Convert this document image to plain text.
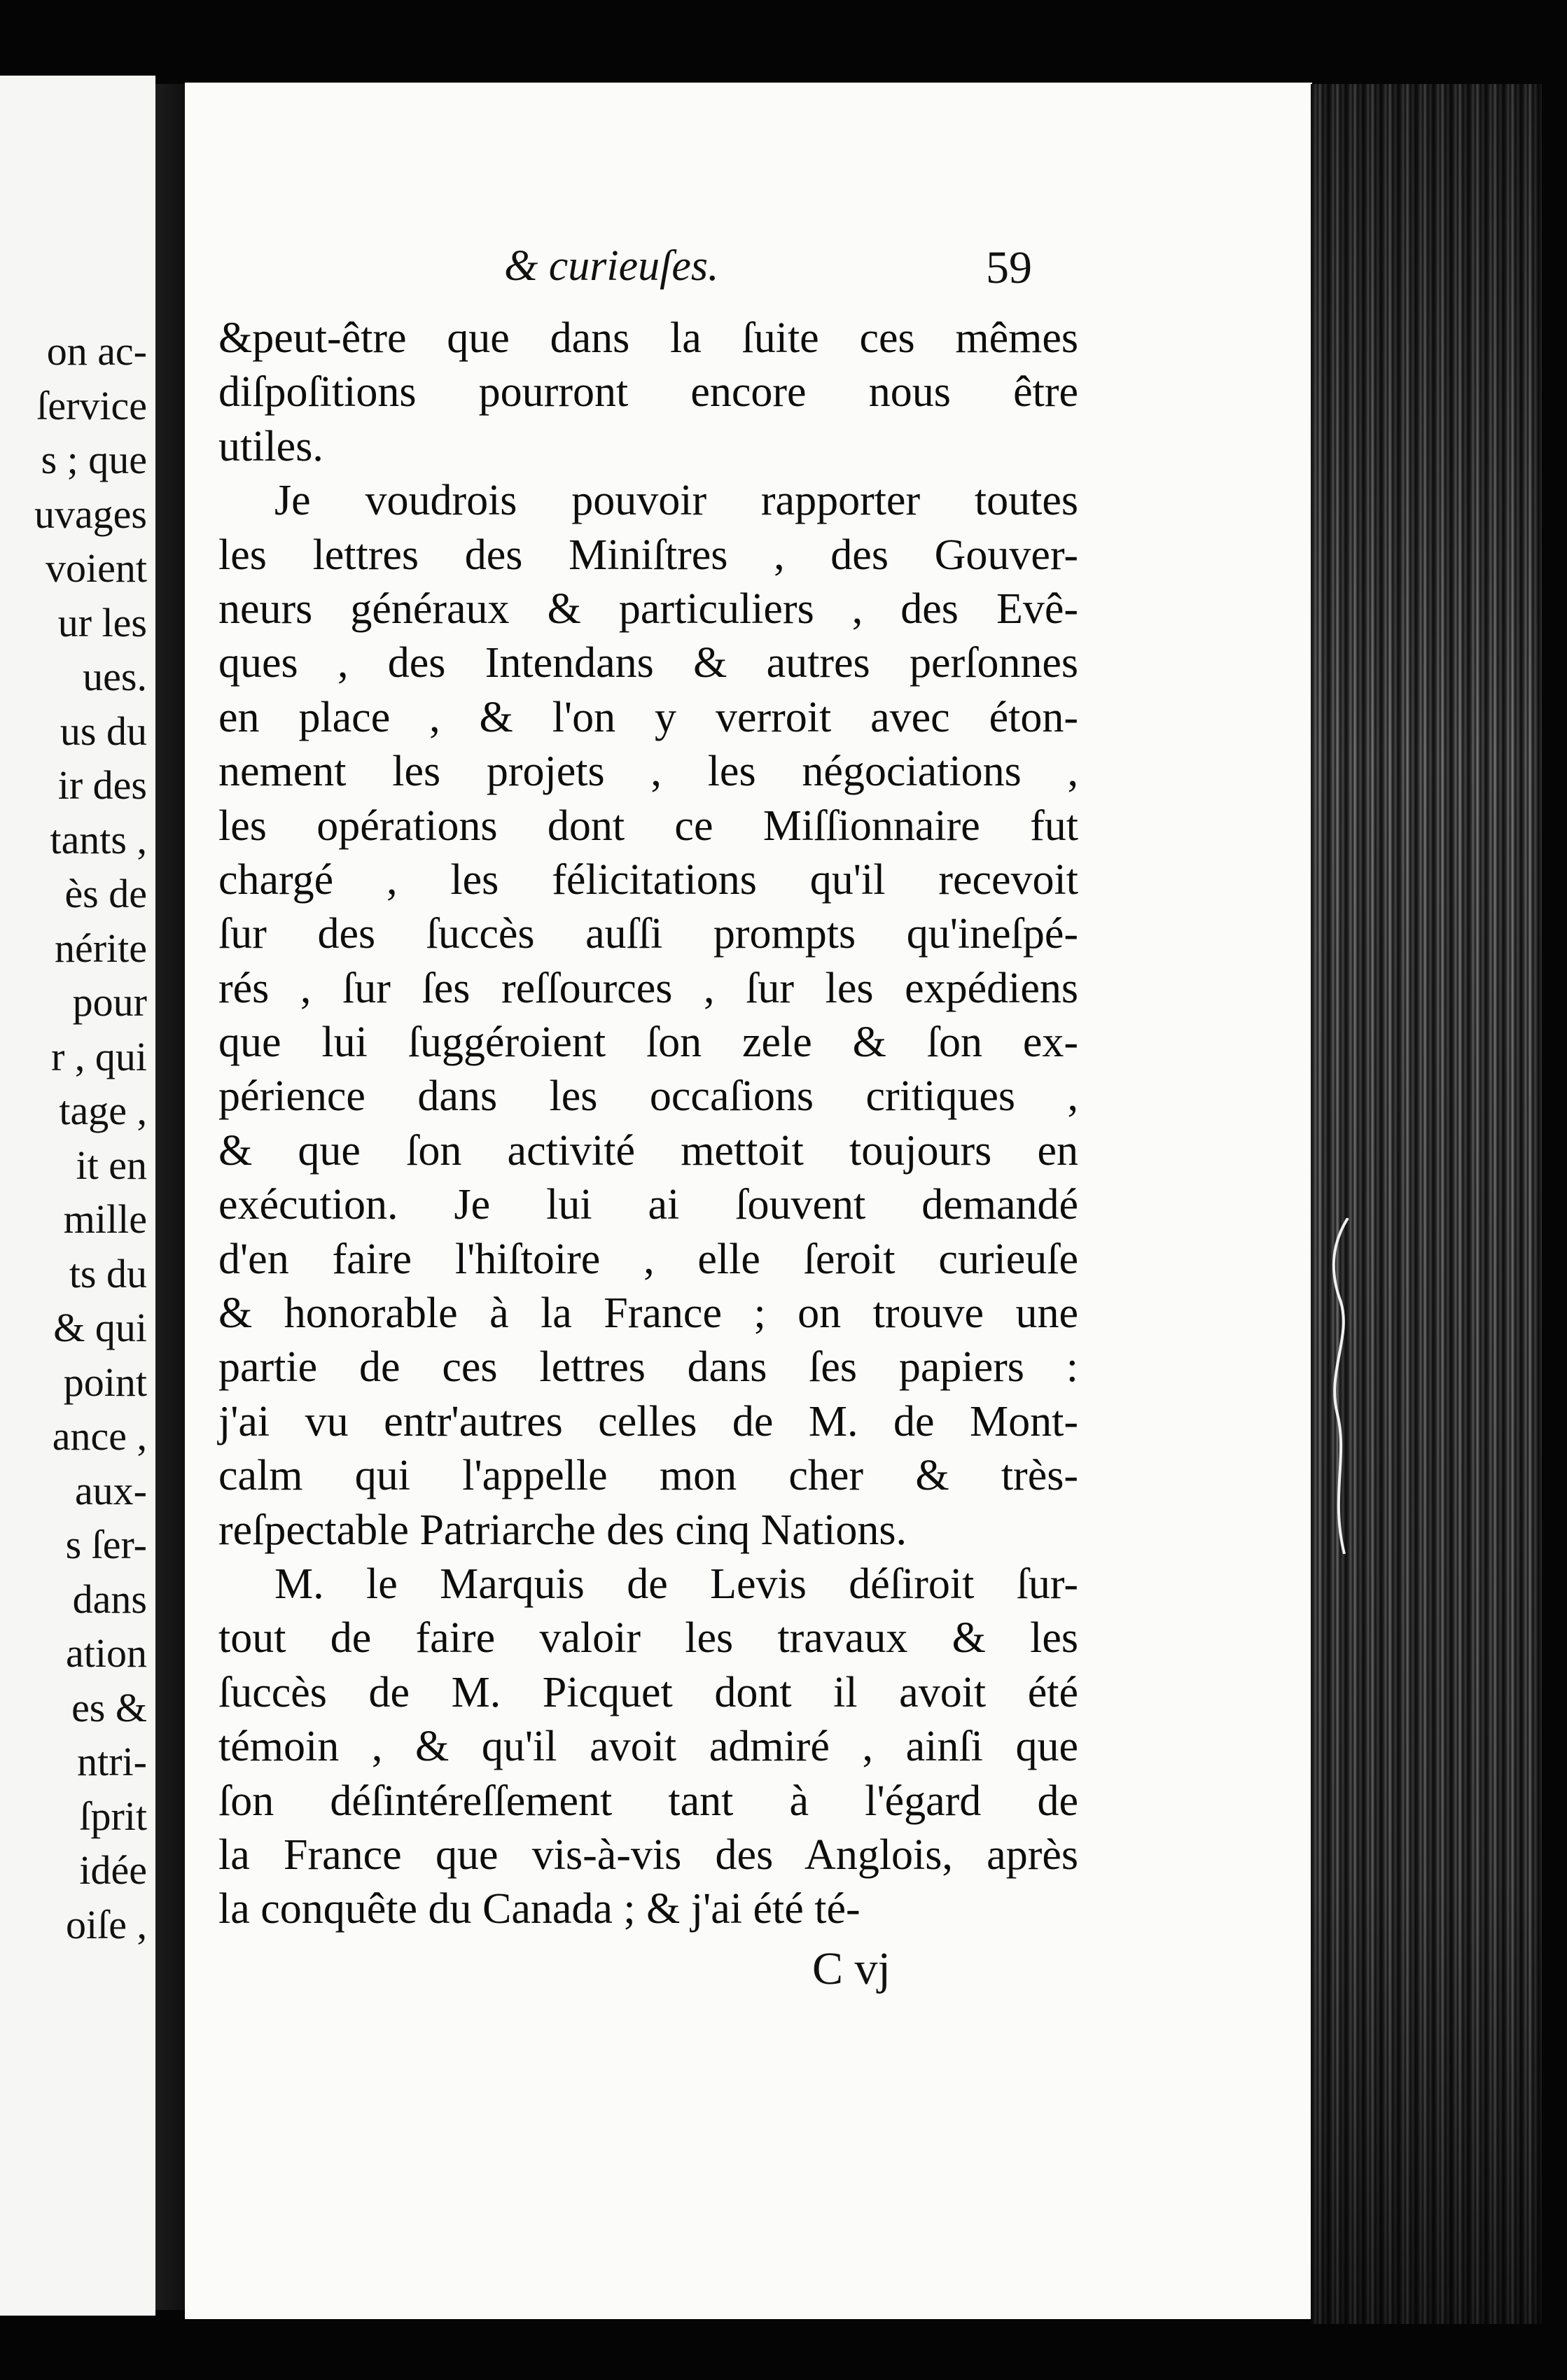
on ac-
ſervice
s ; que
uvages
voient
ur les
ues.
us du
ir des
tants ,
ès de
nérite
pour
r , qui
tage ,
it en
mille
ts du
& qui
point
ance ,
aux-
s ſer-
dans
ation
es &
ntri-
ſprit
idée
oiſe ,
& curieuſes.	59
&peut-être que dans la ſuite ces mêmes
diſpoſitions pourront encore nous être
utiles.
Je voudrois pouvoir rapporter toutes
les lettres des Miniſtres , des Gouver-
neurs généraux & particuliers , des Evê-
ques , des Intendans & autres perſonnes
en place , & l'on y verroit avec éton-
nement les projets , les négociations ,
les opérations dont ce Miſſionnaire fut
chargé , les félicitations qu'il recevoit
ſur des ſuccès auſſi prompts qu'ineſpé-
rés , ſur ſes reſſources , ſur les expédiens
que lui ſuggéroient ſon zele & ſon ex-
périence dans les occaſions critiques ,
& que ſon activité mettoit toujours en
exécution. Je lui ai ſouvent demandé
d'en faire l'hiſtoire , elle ſeroit curieuſe
& honorable à la France ; on trouve une
partie de ces lettres dans ſes papiers :
j'ai vu entr'autres celles de M. de Mont-
calm qui l'appelle mon cher & très-
reſpectable Patriarche des cinq Nations.
M. le Marquis de Levis déſiroit ſur-
tout de faire valoir les travaux & les
ſuccès de M. Picquet dont il avoit été
témoin , & qu'il avoit admiré , ainſi que
ſon déſintéreſſement tant à l'égard de
la France que vis-à-vis des Anglois, après
la conquête du Canada ; & j'ai été té-
C vj
